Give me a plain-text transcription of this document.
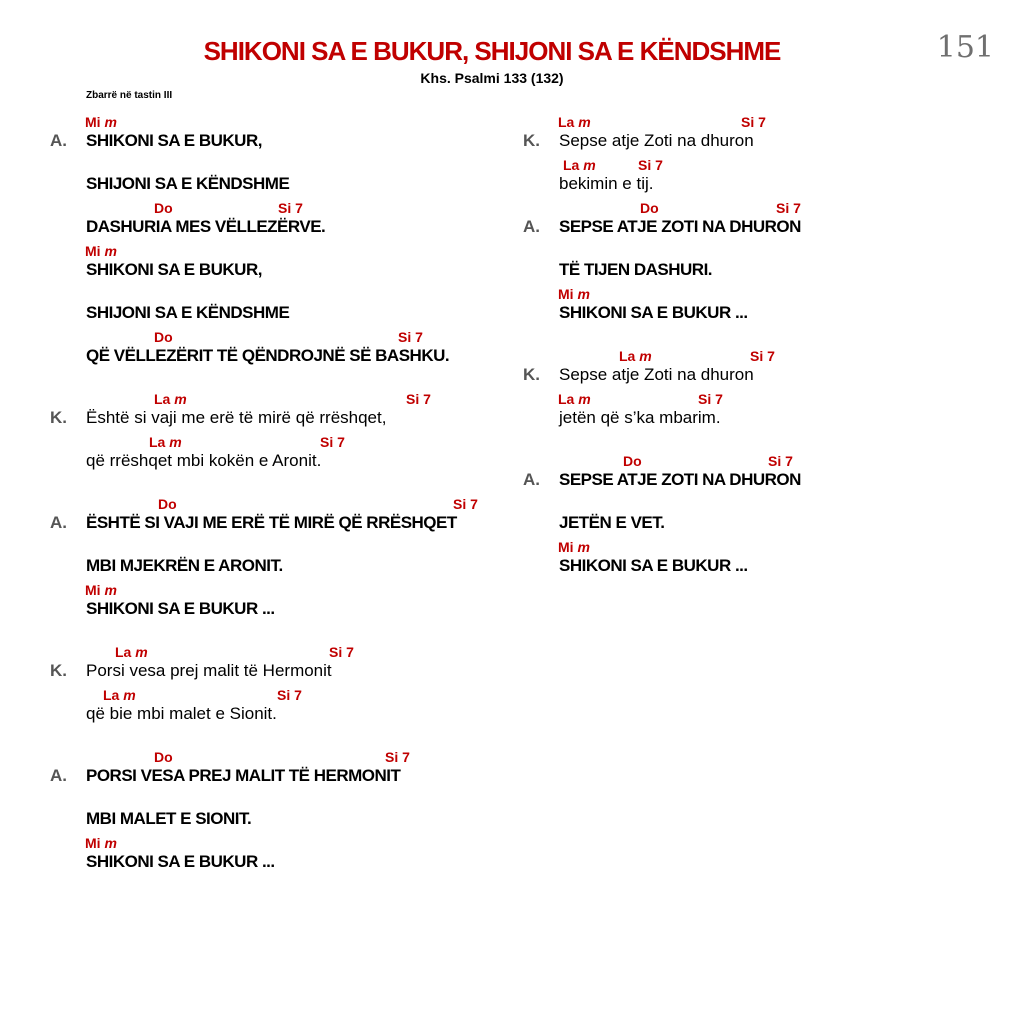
151
SHIKONI SA E BUKUR, SHIJONI SA E KËNDSHME
Khs. Psalmi 133 (132)
Zbarrë në tastin III
Mi m
A. SHIKONI SA E BUKUR,
SHIJONI SA E KËNDSHME
Do	Si 7
DASHURIA MES VËLLEZËRVE.
Mi m
SHIKONI SA E BUKUR,
SHIJONI SA E KËNDSHME
Do	Si 7
QË VËLLEZËRIT TË QËNDROJNË SË BASHKU.
La m	Si 7
K. Është si vaji me erë të mirë që rrëshqet,
La m	Si 7
që rrëshqet mbi kokën e Aronit.
Do	Si 7
A. ËSHTË SI VAJI ME ERË TË MIRË QË RRËSHQET
MBI MJEKRËN E ARONIT.
Mi m
SHIKONI SA E BUKUR ...
La m	Si 7
K. Porsi vesa prej malit të Hermonit
La m	Si 7
që bie mbi malet e Sionit.
Do	Si 7
A. PORSI VESA PREJ MALIT TË HERMONIT
MBI MALET E SIONIT.
Mi m
SHIKONI SA E BUKUR ...
La m	Si 7
K. Sepse atje Zoti na dhuron
La m	Si 7
bekimin e tij.
Do	Si 7
A. SEPSE ATJE ZOTI NA DHURON
TË TIJEN DASHURI.
Mi m
SHIKONI SA E BUKUR ...
La m	Si 7
K. Sepse atje Zoti na dhuron
La m	Si 7
jetën që s’ka mbarim.
Do	Si 7
A. SEPSE ATJE ZOTI NA DHURON
JETËN E VET.
Mi m
SHIKONI SA E BUKUR ...
